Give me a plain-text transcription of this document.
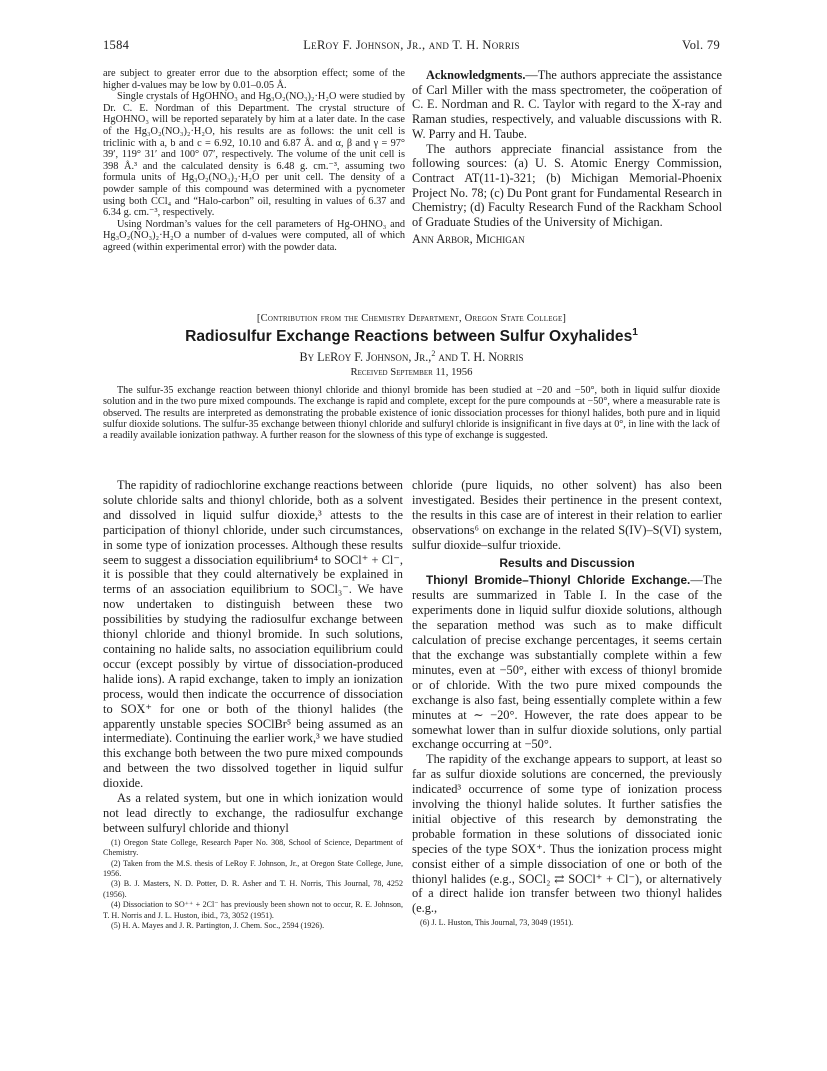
1584	LeRoy F. Johnson, Jr., and T. H. Norris	Vol. 79

are subject to greater error due to the absorption effect; some of the higher d-values may be low by 0.01–0.05 Å.

Single crystals of HgOHNO₃ and Hg₃O₂(NO₃)₂·H₂O were studied by Dr. C. E. Nordman of this Department. The crystal structure of HgOHNO₃ will be reported separately by him at a later date. In the case of the Hg₃O₂(NO₃)₂·H₂O, his results are as follows: the unit cell is triclinic with a, b and c = 6.92, 10.10 and 6.87 Å. and α, β and γ = 97° 39′, 119° 31′ and 100° 07′, respectively. The volume of the unit cell is 398 Å.³ and the calculated density is 6.48 g. cm.⁻³, assuming two formula units of Hg₃O₂(NO₃)₂·H₂O per unit cell. The density of a powder sample of this compound was determined with a pycnometer using both CCl₄ and “Halo-carbon” oil, resulting in values of 6.37 and 6.34 g. cm.⁻³, respectively.

Using Nordman’s values for the cell parameters of Hg-OHNO₃ and Hg₃O₂(NO₃)₂·H₂O a number of d-values were computed, all of which agreed (within experimental error) with the powder data.

Acknowledgments.—The authors appreciate the assistance of Carl Miller with the mass spectrometer, the coöperation of C. E. Nordman and R. C. Taylor with regard to the X-ray and Raman studies, respectively, and valuable discussions with R. W. Parry and H. Taube.

The authors appreciate financial assistance from the following sources: (a) U. S. Atomic Energy Commission, Contract AT(11-1)-321; (b) Michigan Memorial-Phoenix Project No. 78; (c) Du Pont grant for Fundamental Research in Chemistry; (d) Faculty Research Fund of the Rackham School of Graduate Studies of the University of Michigan.

Ann Arbor, Michigan

[Contribution from the Chemistry Department, Oregon State College]
Radiosulfur Exchange Reactions between Sulfur Oxyhalides$^1$
By LeRoy F. Johnson, Jr.,$^2$ and T. H. Norris
Received September 11, 1956

The sulfur-35 exchange reaction between thionyl chloride and thionyl bromide has been studied at −20 and −50°, both in liquid sulfur dioxide solution and in the two pure mixed compounds. The exchange is rapid and complete, except for the pure compounds at −50°, where a measurable rate is observed. The results are interpreted as demonstrating the probable existence of ionic dissociation processes for thionyl halides, both pure and in liquid sulfur dioxide solutions. The sulfur-35 exchange between thionyl chloride and sulfuryl chloride is insignificant in five days at 0°, in line with the lack of a readily available ionization pathway. A further reason for the slowness of this type of exchange is suggested.

The rapidity of radiochlorine exchange reactions between solute chloride salts and thionyl chloride, both as a solvent and dissolved in liquid sulfur dioxide,³ attests to the participation of thionyl chloride, under such circumstances, in some type of ionization processes. Although these results seem to suggest a dissociation equilibrium⁴ to SOCl⁺ + Cl⁻, it is possible that they could alternatively be explained in terms of an association equilibrium to SOCl₃⁻. We have now undertaken to distinguish between these two possibilities by studying the radiosulfur exchange between thionyl chloride and thionyl bromide. In such solutions, containing no halide salts, no association equilibrium could occur (except possibly by virtue of dissociation-produced halide ions). A rapid exchange, taken to imply an ionization process, would then indicate the occurrence of dissociation to SOX⁺ for one or both of the thionyl halides (the apparently unstable species SOClBr⁵ being assumed as an intermediate). Continuing the earlier work,³ we have studied this exchange both between the two pure mixed compounds and between the two dissolved together in liquid sulfur dioxide.

As a related system, but one in which ionization would not lead directly to exchange, the radiosulfur exchange between sulfuryl chloride and thionyl

(1) Oregon State College, Research Paper No. 308, School of Science, Department of Chemistry.

(2) Taken from the M.S. thesis of LeRoy F. Johnson, Jr., at Oregon State College, June, 1956.

(3) B. J. Masters, N. D. Potter, D. R. Asher and T. H. Norris, This Journal, 78, 4252 (1956).

(4) Dissociation to SO⁺⁺ + 2Cl⁻ has previously been shown not to occur, R. E. Johnson, T. H. Norris and J. L. Huston, ibid., 73, 3052 (1951).

(5) H. A. Mayes and J. R. Partington, J. Chem. Soc., 2594 (1926).

chloride (pure liquids, no other solvent) has also been investigated. Besides their pertinence in the present context, the results in this case are of interest in their relation to earlier observations⁶ on exchange in the related S(IV)–S(VI) system, sulfur dioxide–sulfur trioxide.

Results and Discussion

Thionyl Bromide–Thionyl Chloride Exchange.—The results are summarized in Table I. In the case of the experiments done in liquid sulfur dioxide solutions, although the separation method was such as to make difficult calculation of precise exchange percentages, it seems certain that the exchange was substantially complete within a few minutes, even at −50°, either with excess of thionyl bromide or of chloride. With the two pure mixed compounds the exchange is also fast, being essentially complete within a few minutes at ∼ −20°. However, the rate does appear to be somewhat lower than in sulfur dioxide solutions, only partial exchange occurring at −50°.

The rapidity of the exchange appears to support, at least so far as sulfur dioxide solutions are concerned, the previously indicated³ occurrence of some type of ionization process involving the thionyl halide solutes. It further satisfies the initial objective of this research by demonstrating the probable formation in these solutions of dissociated ionic species of the type SOX⁺. Thus the ionization process might consist either of a simple dissociation of one or both of the thionyl halides (e.g., SOCl₂ ⇄ SOCl⁺ + Cl⁻), or alternatively of a direct halide ion transfer between two thionyl halides (e.g.,

(6) J. L. Huston, This Journal, 73, 3049 (1951).
